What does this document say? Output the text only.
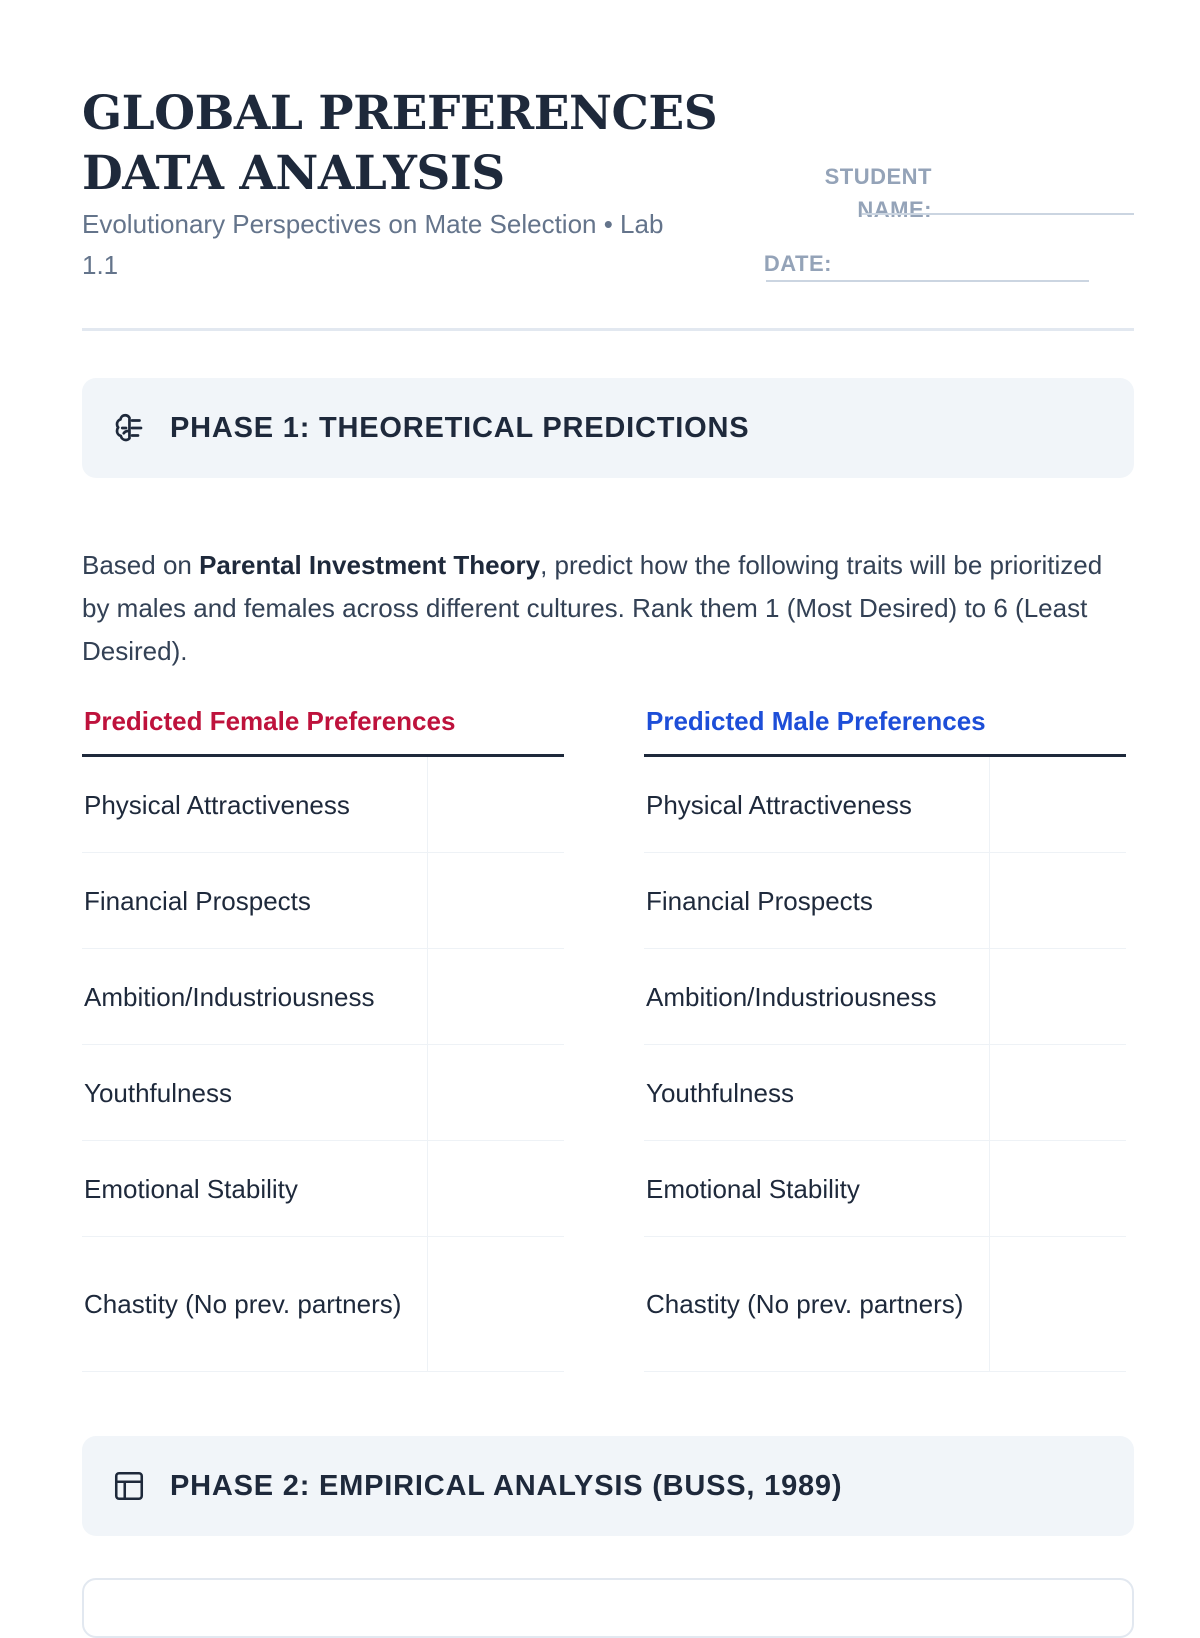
GLOBAL PREFERENCES
DATA ANALYSIS
Evolutionary Perspectives on Mate Selection • Lab 1.1
STUDENT
NAME:
DATE:
PHASE 1: THEORETICAL PREDICTIONS

Based on Parental Investment Theory, predict how the following traits will be prioritized by males and females across different cultures. Rank them 1 (Most Desired) to 6 (Least Desired).

Predicted Female Preferences
Physical Attractiveness
Financial Prospects
Ambition/Industriousness
Youthfulness
Emotional Stability
Chastity (No prev. partners)
Predicted Male Preferences
Physical Attractiveness
Financial Prospects
Ambition/Industriousness
Youthfulness
Emotional Stability
Chastity (No prev. partners)
PHASE 2: EMPIRICAL ANALYSIS (BUSS, 1989)
